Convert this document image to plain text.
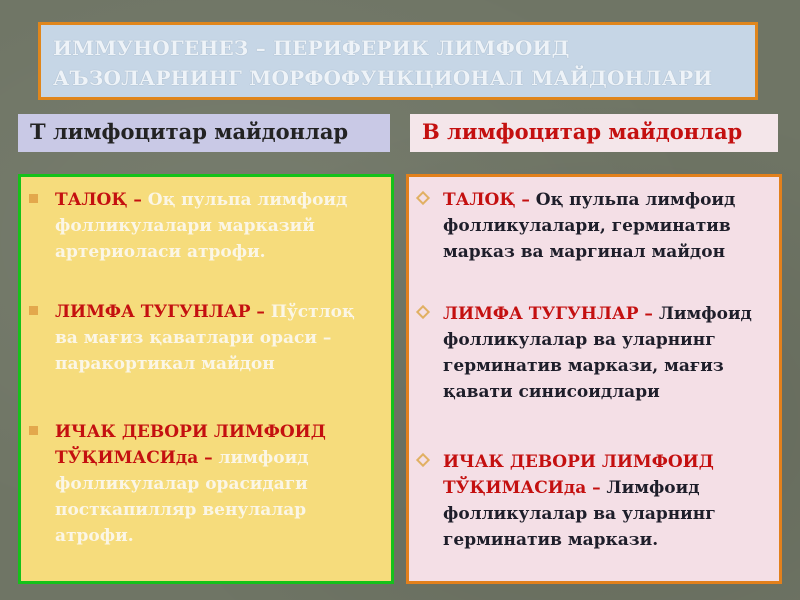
ИММУНОГЕНЕЗ – ПЕРИФЕРИК ЛИМФОИД
АЪЗОЛАРНИНГ МОРФОФУНКЦИОНАЛ МАЙДОНЛАРИ
Т лимфоцитар майдонлар	В лимфоцитар майдонлар
ТАЛОҚ – Оқ пульпа лимфоид фолликулалари марказий артериоласи атрофи.
ЛИМФА ТУГУНЛАР – Пўстлоқ ва мағиз қаватлари ораси – паракортикал майдон
ИЧАК ДЕВОРИ ЛИМФОИД ТЎҚИМАСИда – лимфоид фолликулалар орасидаги посткапилляр венулалар атрофи.
ТАЛОҚ – Оқ пульпа лимфоид фолликулалари, герминатив марказ ва маргинал майдон
ЛИМФА ТУГУНЛАР – Лимфоид фолликулалар ва уларнинг герминатив маркази, мағиз қавати синисоидлари
ИЧАК ДЕВОРИ ЛИМФОИД ТЎҚИМАСИда – Лимфоид фолликулалар ва уларнинг герминатив маркази.
